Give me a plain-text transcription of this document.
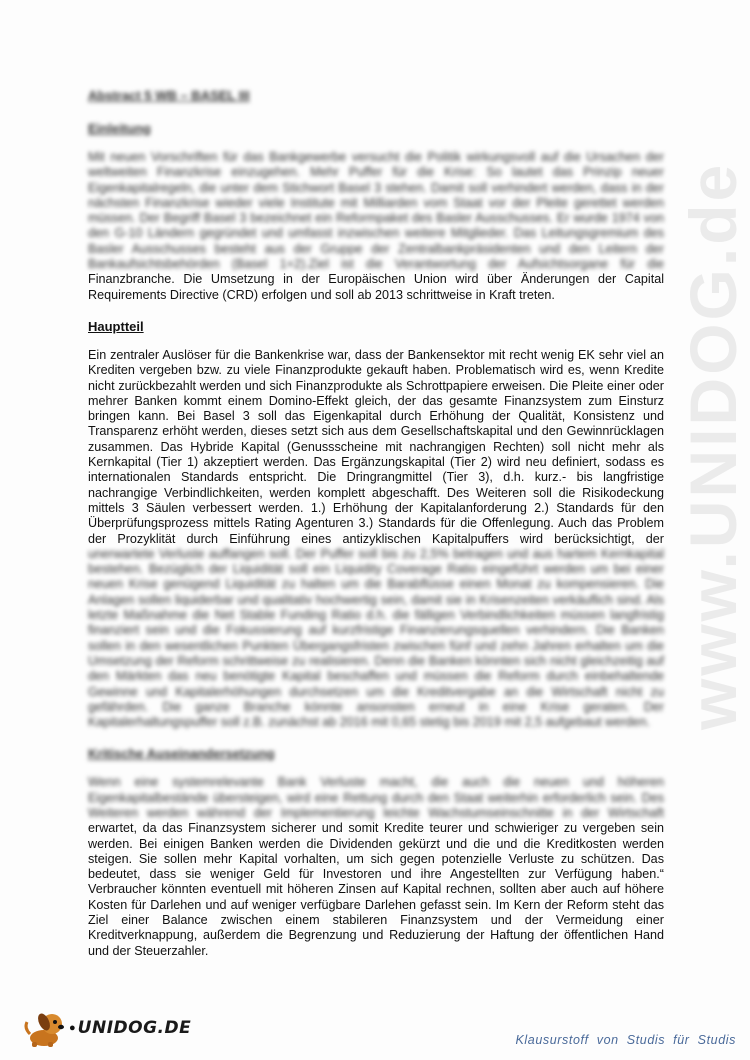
www.UNIDOG.de
Abstract 5 WB – BASEL III
Einleitung

Mit neuen Vorschriften für das Bankgewerbe versucht die Politik wirkungsvoll auf die Ursachen der weltweiten Finanzkrise einzugehen. Mehr Puffer für die Krise: So lautet das Prinzip neuer Eigenkapitalregeln, die unter dem Stichwort Basel 3 stehen. Damit soll verhindert werden, dass in der nächsten Finanzkrise wieder viele Institute mit Milliarden vom Staat vor der Pleite gerettet werden müssen. Der Begriff Basel 3 bezeichnet ein Reformpaket des Basler Ausschusses. Er wurde 1974 von den G-10 Ländern gegründet und umfasst inzwischen weitere Mitglieder. Das Leitungsgremium des Basler Ausschusses besteht aus der Gruppe der Zentralbankpräsidenten und den Leitern der Bankaufsichtsbehörden (Basel 1+2).Ziel ist die Verantwortung der Aufsichtsorgane für die Finanzbranche. Die Umsetzung in der Europäischen Union wird über Änderungen der Capital Requirements Directive (CRD) erfolgen und soll ab 2013 schrittweise in Kraft treten.

Hauptteil

Ein zentraler Auslöser für die Bankenkrise war, dass der Bankensektor mit recht wenig EK sehr viel an Krediten vergeben bzw. zu viele Finanzprodukte gekauft haben. Problematisch wird es, wenn Kredite nicht zurückbezahlt werden und sich Finanzprodukte als Schrottpapiere erweisen. Die Pleite einer oder mehrer Banken kommt einem Domino-Effekt gleich, der das gesamte Finanzsystem zum Einsturz bringen kann. Bei Basel 3 soll das Eigenkapital durch Erhöhung der Qualität, Konsistenz und Transparenz erhöht werden, dieses setzt sich aus dem Gesellschaftskapital und den Gewinnrücklagen zusammen. Das Hybride Kapital (Genussscheine mit nachrangigen Rechten) soll nicht mehr als Kernkapital (Tier 1) akzeptiert werden. Das Ergänzungskapital (Tier 2) wird neu definiert, sodass es internationalen Standards entspricht. Die Dringrangmittel (Tier 3), d.h. kurz.- bis langfristige nachrangige Verbindlichkeiten, werden komplett abgeschafft. Des Weiteren soll die Risikodeckung mittels 3 Säulen verbessert werden. 1.) Erhöhung der Kapitalanforderung 2.) Standards für den Überprüfungsprozess mittels Rating Agenturen 3.) Standards für die Offenlegung. Auch das Problem der Prozyklität durch Einführung eines antizyklischen Kapitalpuffers wird berücksichtigt, der unerwartete Verluste auffangen soll. Der Puffer soll bis zu 2,5% betragen und aus hartem Kernkapital bestehen. Bezüglich der Liquidität soll ein Liquidity Coverage Ratio eingeführt werden um bei einer neuen Krise genügend Liquidität zu halten um die Barabflüsse einen Monat zu kompensieren. Die Anlagen sollen liquiderbar und qualitativ hochwertig sein, damit sie in Krisenzeiten verkäuflich sind. Als letzte Maßnahme die Net Stable Funding Ratio d.h. die fälligen Verbindlichkeiten müssen langfristig finanziert sein und die Fokussierung auf kurzfristige Finanzierungsquellen verhindern. Die Banken sollen in den wesentlichen Punkten Übergangsfristen zwischen fünf und zehn Jahren erhalten um die Umsetzung der Reform schrittweise zu realisieren. Denn die Banken könnten sich nicht gleichzeitig auf den Märkten das neu benötigte Kapital beschaffen und müssen die Reform durch einbehaltende Gewinne und Kapitalerhöhungen durchsetzen um die Kreditvergabe an die Wirtschaft nicht zu gefährden. Die ganze Branche könnte ansonsten erneut in eine Krise geraten. Der Kapitalerhaltungspuffer soll z.B. zunächst ab 2016 mit 0,65 stetig bis 2019 mit 2,5 aufgebaut werden.

Kritische Auseinandersetzung

Wenn eine systemrelevante Bank Verluste macht, die auch die neuen und höheren Eigenkapitalbestände übersteigen, wird eine Rettung durch den Staat weiterhin erforderlich sein. Des Weiteren werden während der Implementierung leichte Wachstumseinschnitte in der Wirtschaft erwartet, da das Finanzsystem sicherer und somit Kredite teurer und schwieriger zu vergeben sein werden. Bei einigen Banken werden die Dividenden gekürzt und die und die Kreditkosten werden steigen. Sie sollen mehr Kapital vorhalten, um sich gegen potenzielle Verluste zu schützen. Das bedeutet, dass sie weniger Geld für Investoren und ihre Angestellten zur Verfügung haben.“ Verbraucher könnten eventuell mit höheren Zinsen auf Kapital rechnen, sollten aber auch auf höhere Kosten für Darlehen und auf weniger verfügbare Darlehen gefasst sein. Im Kern der Reform steht das Ziel einer Balance zwischen einem stabileren Finanzsystem und der Vermeidung einer Kreditverknappung, außerdem die Begrenzung und Reduzierung der Haftung der öffentlichen Hand und der Steuerzahler.

● UNIDOG.DE
Klausurstoff von Studis für Studis
